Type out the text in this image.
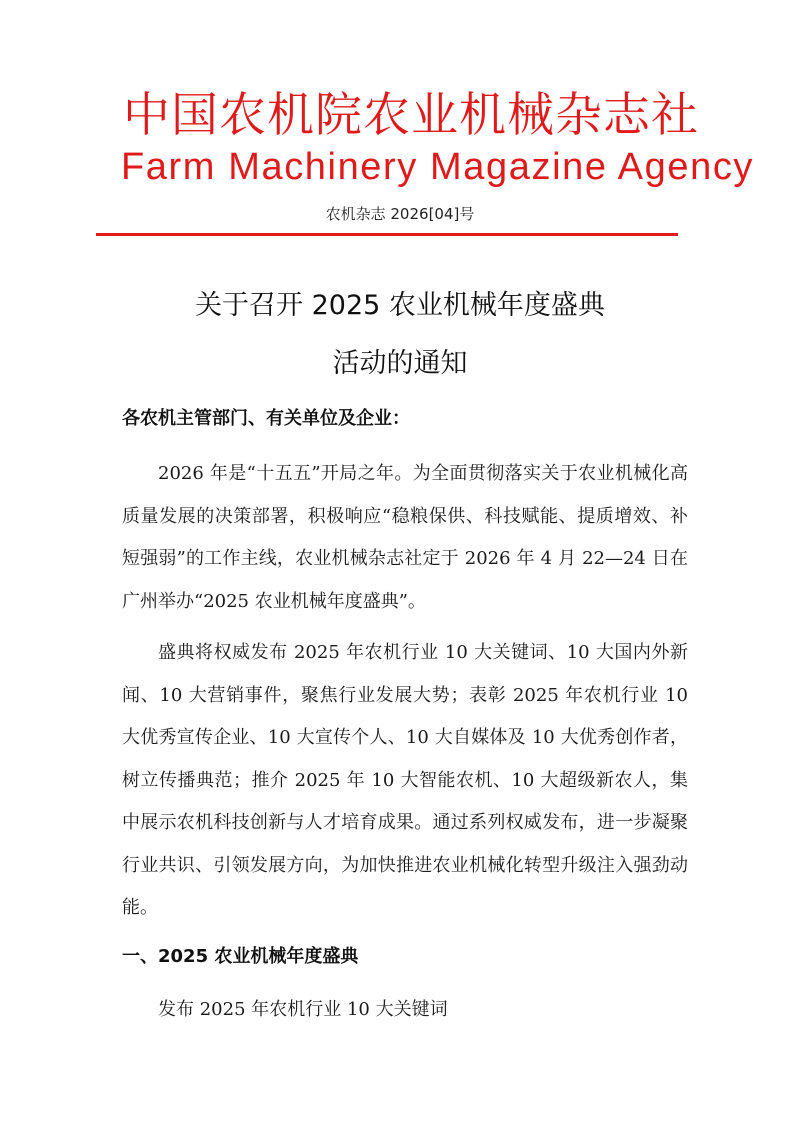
中国农机院农业机械杂志社
Farm Machinery Magazine Agency
农机杂志 2026[04]号
关于召开 2025 农业机械年度盛典
活动的通知
各农机主管部门、有关单位及企业：

2026 年是“十五五”开局之年。为全面贯彻落实关于农业机械化高质量发展的决策部署，积极响应“稳粮保供、科技赋能、提质增效、补短强弱”的工作主线，农业机械杂志社定于 2026 年 4 月 22—24 日在广州举办“2025 农业机械年度盛典”。

盛典将权威发布 2025 年农机行业 10 大关键词、10 大国内外新闻、10 大营销事件，聚焦行业发展大势；表彰 2025 年农机行业 10 大优秀宣传企业、10 大宣传个人、10 大自媒体及 10 大优秀创作者，树立传播典范；推介 2025 年 10 大智能农机、10 大超级新农人，集中展示农机科技创新与人才培育成果。通过系列权威发布，进一步凝聚行业共识、引领发展方向，为加快推进农业机械化转型升级注入强劲动能。

一、2025 农业机械年度盛典
发布 2025 年农机行业 10 大关键词
